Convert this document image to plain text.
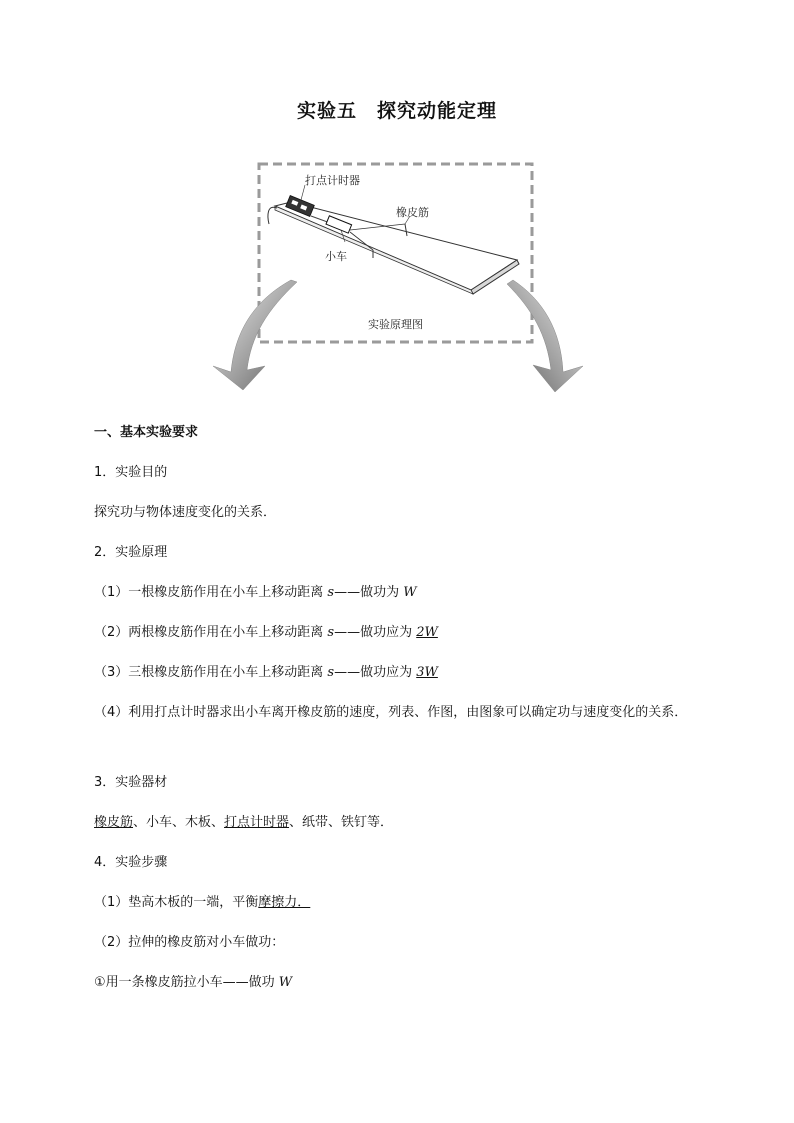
实验五　探究动能定理
打点计时器
橡皮筋
小车
实验原理图
一、基本实验要求
1．实验目的
探究功与物体速度变化的关系．
2．实验原理
（1）一根橡皮筋作用在小车上移动距离 s——做功为 W
（2）两根橡皮筋作用在小车上移动距离 s——做功应为 2W
（3）三根橡皮筋作用在小车上移动距离 s——做功应为 3W
（4）利用打点计时器求出小车离开橡皮筋的速度，列表、作图，由图象可以确定功与速度变化的关系．
3．实验器材
橡皮筋、小车、木板、打点计时器、纸带、铁钉等．
4．实验步骤
（1）垫高木板的一端，平衡摩擦力．
（2）拉伸的橡皮筋对小车做功：
①用一条橡皮筋拉小车——做功 W
